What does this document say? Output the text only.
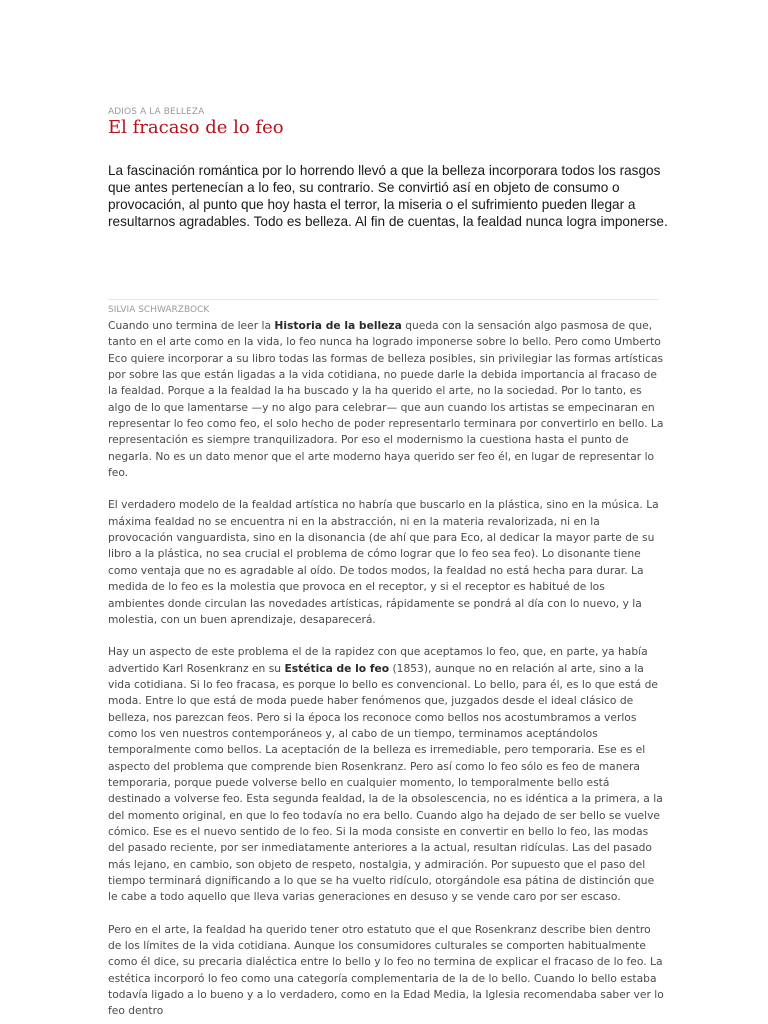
ADIOS A LA BELLEZA
El fracaso de lo feo

La fascinación romántica por lo horrendo llevó a que la belleza incorporara todos los rasgos que antes pertenecían a lo feo, su contrario. Se convirtió así en objeto de consumo o provocación, al punto que hoy hasta el terror, la miseria o el sufrimiento pueden llegar a resultarnos agradables. Todo es belleza. Al fin de cuentas, la fealdad nunca logra imponerse.

SILVIA SCHWARZBÖCK

Cuando uno termina de leer la Historia de la belleza queda con la sensación algo pasmosa de que, tanto en el arte como en la vida, lo feo nunca ha logrado imponerse sobre lo bello. Pero como Umberto Eco quiere incorporar a su libro todas las formas de belleza posibles, sin privilegiar las formas artísticas por sobre las que están ligadas a la vida cotidiana, no puede darle la debida importancia al fracaso de la fealdad. Porque a la fealdad la ha buscado y la ha querido el arte, no la sociedad. Por lo tanto, es algo de lo que lamentarse —y no algo para celebrar— que aun cuando los artistas se empecinaran en representar lo feo como feo, el solo hecho de poder representarlo terminara por convertirlo en bello. La representación es siempre tranquilizadora. Por eso el modernismo la cuestiona hasta el punto de negarla. No es un dato menor que el arte moderno haya querido ser feo él, en lugar de representar lo feo.

El verdadero modelo de la fealdad artística no habría que buscarlo en la plástica, sino en la música. La máxima fealdad no se encuentra ni en la abstracción, ni en la materia revalorizada, ni en la provocación vanguardista, sino en la disonancia (de ahí que para Eco, al dedicar la mayor parte de su libro a la plástica, no sea crucial el problema de cómo lograr que lo feo sea feo). Lo disonante tiene como ventaja que no es agradable al oído. De todos modos, la fealdad no está hecha para durar. La medida de lo feo es la molestia que provoca en el receptor, y si el receptor es habitué de los ambientes donde circulan las novedades artísticas, rápidamente se pondrá al día con lo nuevo, y la molestia, con un buen aprendizaje, desaparecerá.

Hay un aspecto de este problema el de la rapidez con que aceptamos lo feo, que, en parte, ya había advertido Karl Rosenkranz en su Estética de lo feo (1853), aunque no en relación al arte, sino a la vida cotidiana. Si lo feo fracasa, es porque lo bello es convencional. Lo bello, para él, es lo que está de moda. Entre lo que está de moda puede haber fenómenos que, juzgados desde el ideal clásico de belleza, nos parezcan feos. Pero si la época los reconoce como bellos nos acostumbramos a verlos como los ven nuestros contemporáneos y, al cabo de un tiempo, terminamos aceptándolos temporalmente como bellos. La aceptación de la belleza es irremediable, pero temporaria. Ese es el aspecto del problema que comprende bien Rosenkranz. Pero así como lo feo sólo es feo de manera temporaria, porque puede volverse bello en cualquier momento, lo temporalmente bello está destinado a volverse feo. Esta segunda fealdad, la de la obsolescencia, no es idéntica a la primera, a la del momento original, en que lo feo todavía no era bello. Cuando algo ha dejado de ser bello se vuelve cómico. Ese es el nuevo sentido de lo feo. Si la moda consiste en convertir en bello lo feo, las modas del pasado reciente, por ser inmediatamente anteriores a la actual, resultan ridículas. Las del pasado más lejano, en cambio, son objeto de respeto, nostalgia, y admiración. Por supuesto que el paso del tiempo terminará dignificando a lo que se ha vuelto ridículo, otorgándole esa pátina de distinción que le cabe a todo aquello que lleva varias generaciones en desuso y se vende caro por ser escaso.

Pero en el arte, la fealdad ha querido tener otro estatuto que el que Rosenkranz describe bien dentro de los límites de la vida cotidiana. Aunque los consumidores culturales se comporten habitualmente como él dice, su precaria dialéctica entre lo bello y lo feo no termina de explicar el fracaso de lo feo. La estética incorporó lo feo como una categoría complementaria de la de lo bello. Cuando lo bello estaba todavía ligado a lo bueno y a lo verdadero, como en la Edad Media, la Iglesia recomendaba saber ver lo feo dentro
